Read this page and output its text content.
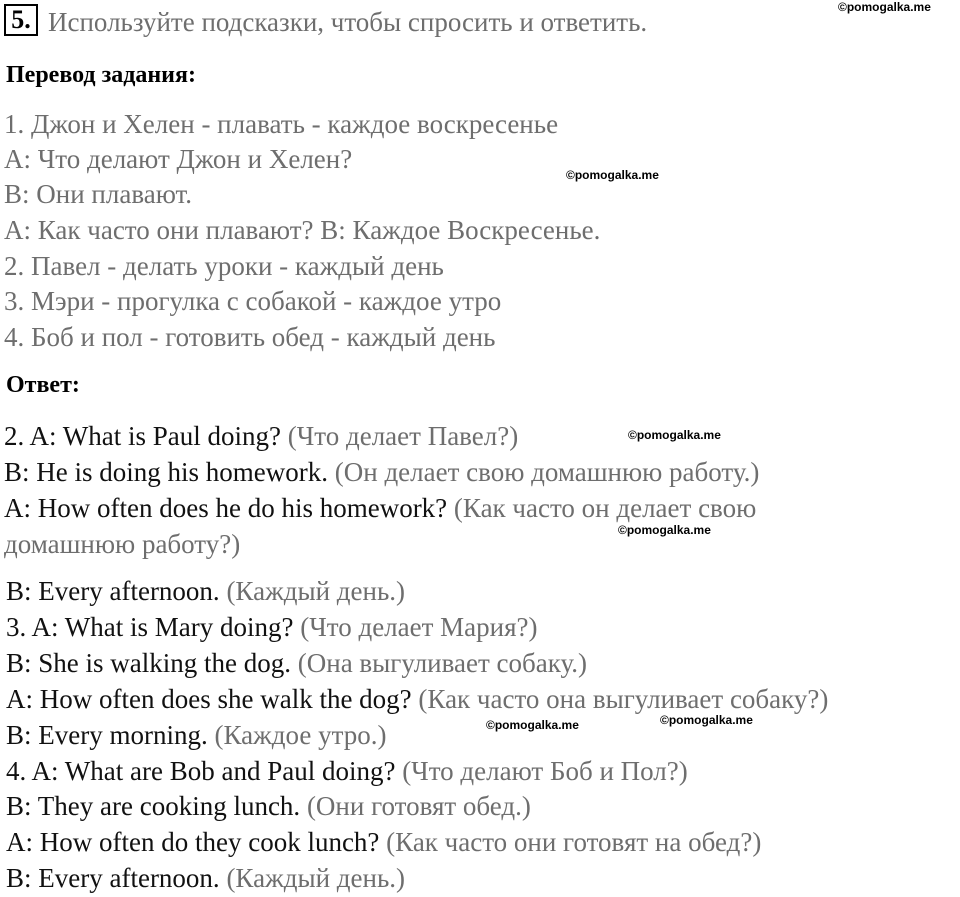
5. Используйте подсказки, чтобы спросить и ответить.	©pomogalka.me
Перевод задания:
1. Джон и Хелен - плавать - каждое воскресенье
А: Что делают Джон и Хелен?
©pomogalka.me
В: Они плавают.
А: Как часто они плавают? В: Каждое Воскресенье.
2. Павел - делать уроки - каждый день
3. Мэри - прогулка с собакой - каждое утро
4. Боб и пол - готовить обед - каждый день
Ответ:
2. A: What is Paul doing? (Что делает Павел?)	©pomogalka.me
B: He is doing his homework. (Он делает свою домашнюю работу.)
A: How often does he do his homework? (Как часто он делает свою
©pomogalka.me
домашнюю работу?)
B: Every afternoon. (Каждый день.)
3. A: What is Mary doing? (Что делает Мария?)
B: She is walking the dog. (Она выгуливает собаку.)
A: How often does she walk the dog? (Как часто она выгуливает собаку?)
©pomogalka.me	©pomogalka.me
B: Every morning. (Каждое утро.)
4. A: What are Bob and Paul doing? (Что делают Боб и Пол?)
B: They are cooking lunch. (Они готовят обед.)
A: How often do they cook lunch? (Как часто они готовят на обед?)
B: Every afternoon. (Каждый день.)
